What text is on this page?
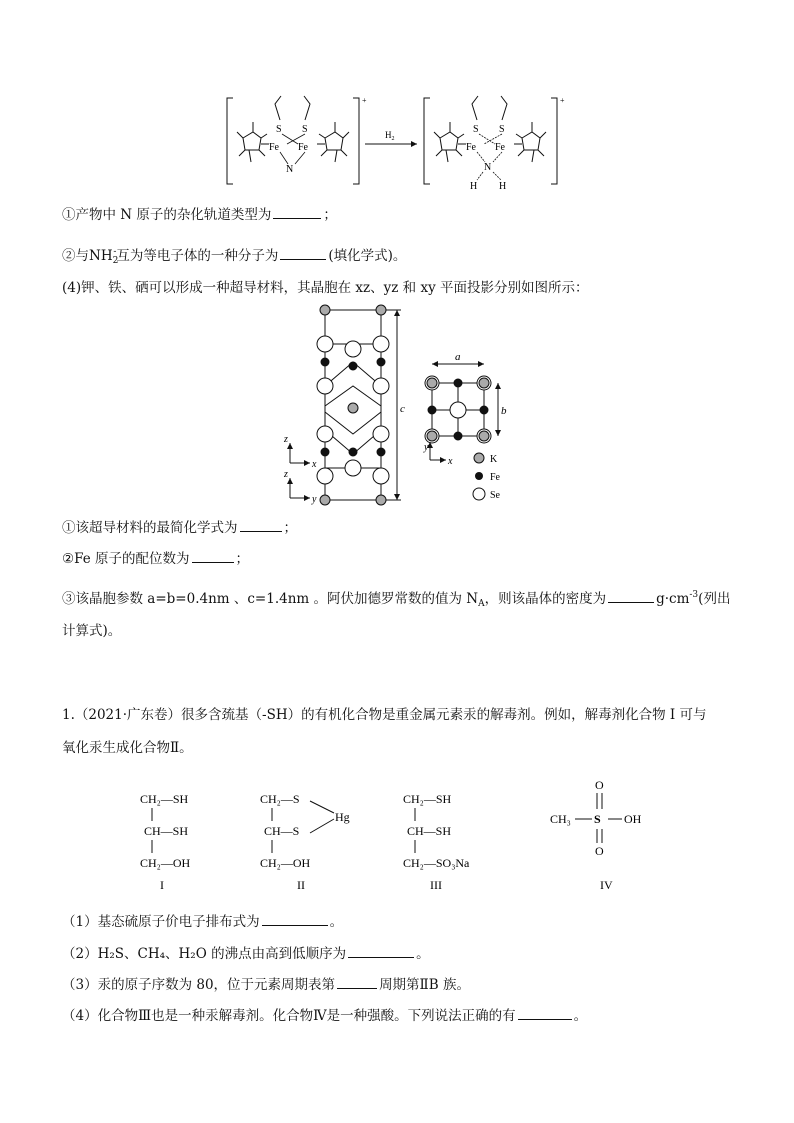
+
S S
Fe Fe
N
$H_2$
+
S S
Fe Fe
N
H H
①产物中 N 原子的杂化轨道类型为	；
②与$NH_2^-$互为等电子体的一种分子为	(填化学式)。
(4)钾、铁、硒可以形成一种超导材料，其晶胞在 xz、yz 和 xy 平面投影分别如图所示：
c
z
x
z
y
a
b
y
x	K
Fe
Se
①该超导材料的最简化学式为	；
②Fe 原子的配位数为	；
③该晶胞参数 a=b=0.4nm 、c=1.4nm 。阿伏加德罗常数的值为 $N_A$，则该晶体的密度为	$g\cdot cm^{-3}$(列出
计算式)。
1.（2021·广东卷）很多含巯基（-SH）的有机化合物是重金属元素汞的解毒剂。例如，解毒剂化合物 I 可与
氧化汞生成化合物Ⅱ。
CH₂—SH
CH—SH
CH₂—OH
I
CH₂—S
CH—S
CH₂—OH
Hg
II
CH₂—SH
CH—SH
CH₂—SO₃Na
III
O
CH₃ S OH
O
IV
（1）基态硫原子价电子排布式为	。
（2）H₂S、CH₄、H₂O 的沸点由高到低顺序为	。
（3）汞的原子序数为 80，位于元素周期表第	周期第ⅡB 族。
（4）化合物Ⅲ也是一种汞解毒剂。化合物Ⅳ是一种强酸。下列说法正确的有	。
